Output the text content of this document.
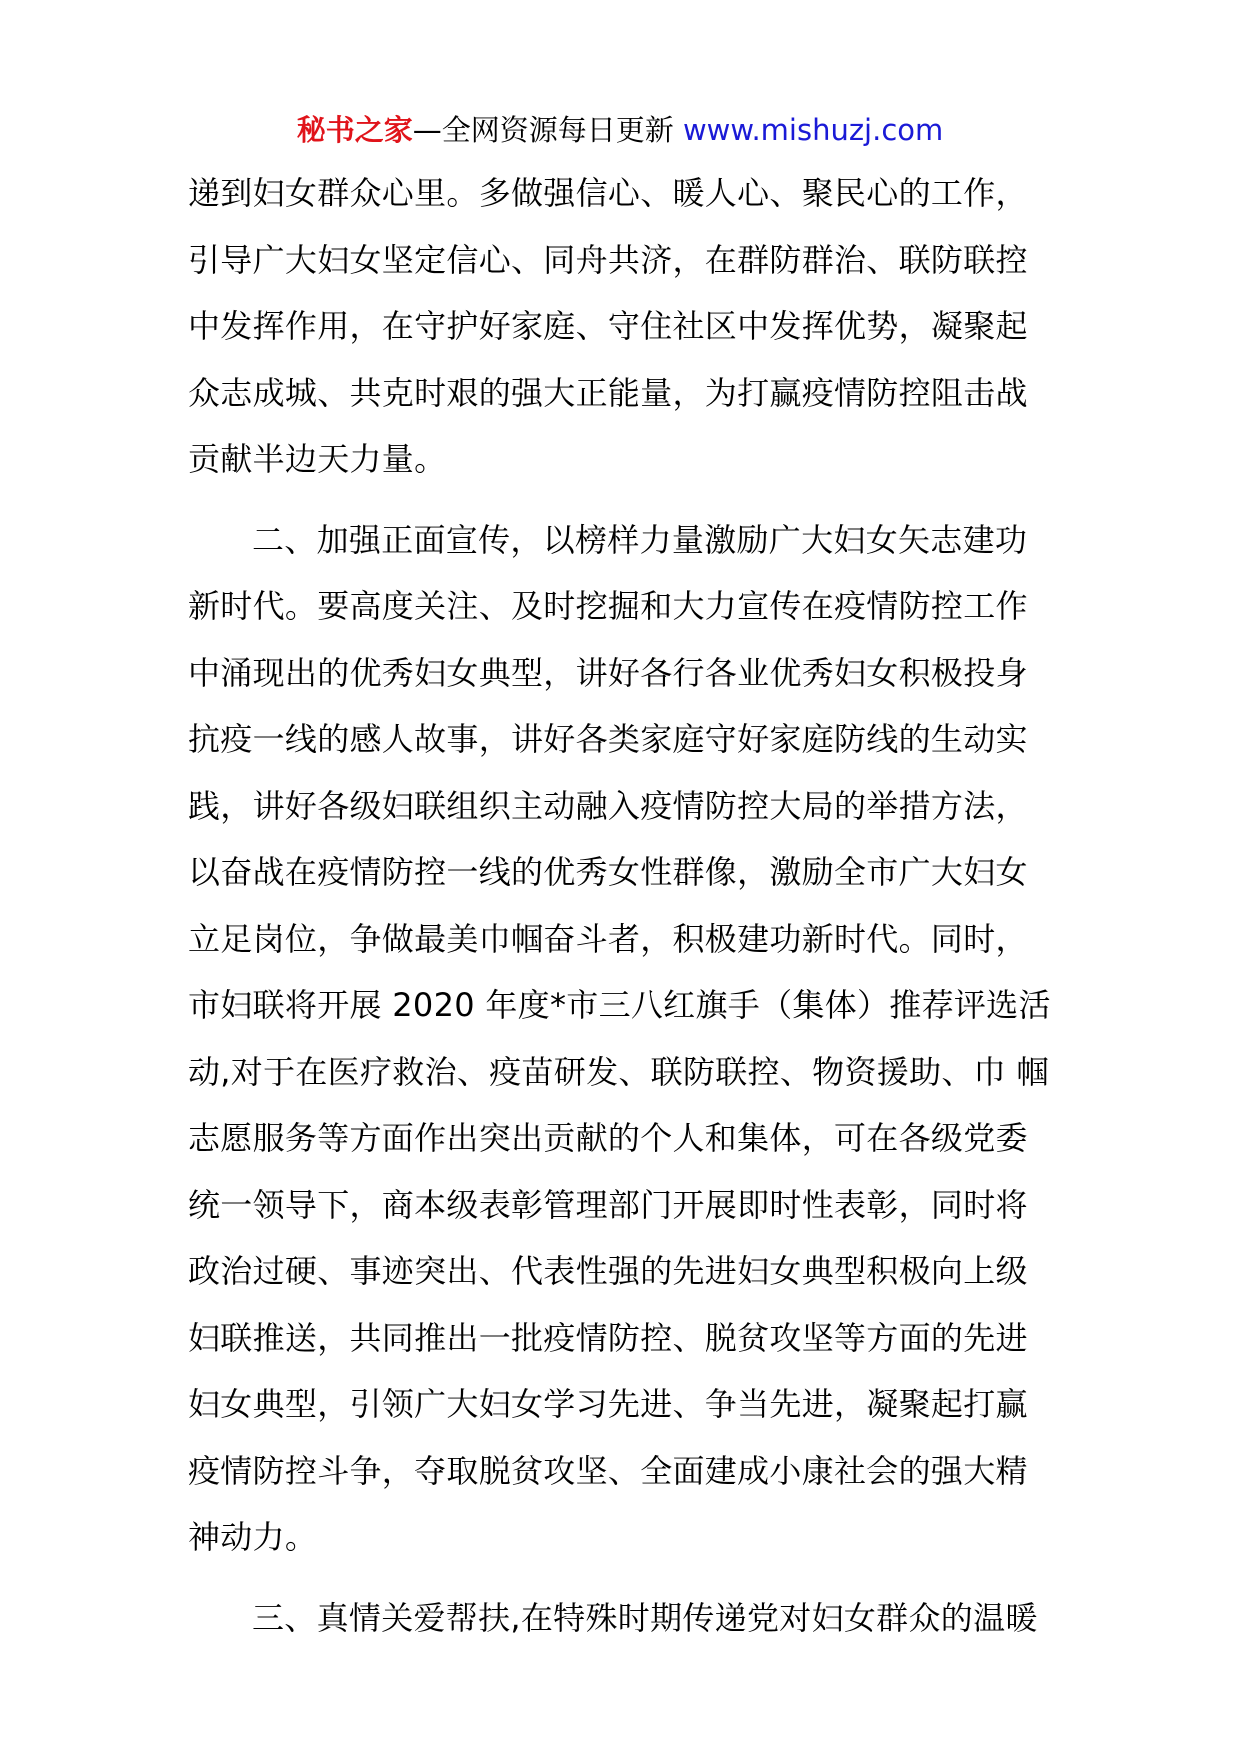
秘书之家—全网资源每日更新 www.mishuzj.com
递到妇女群众心里。多做强信心、暖人心、聚民心的工作，
引导广大妇女坚定信心、同舟共济，在群防群治、联防联控
中发挥作用，在守护好家庭、守住社区中发挥优势，凝聚起
众志成城、共克时艰的强大正能量，为打赢疫情防控阻击战
贡献半边天力量。
二、加强正面宣传，以榜样力量激励广大妇女矢志建功
新时代。要高度关注、及时挖掘和大力宣传在疫情防控工作
中涌现出的优秀妇女典型，讲好各行各业优秀妇女积极投身
抗疫一线的感人故事，讲好各类家庭守好家庭防线的生动实
践，讲好各级妇联组织主动融入疫情防控大局的举措方法，
以奋战在疫情防控一线的优秀女性群像，激励全市广大妇女
立足岗位，争做最美巾帼奋斗者，积极建功新时代。同时，
市妇联将开展 2020 年度*市三八红旗手（集体）推荐评选活
动,对于在医疗救治、疫苗研发、联防联控、物资援助、巾 帼
志愿服务等方面作出突出贡献的个人和集体，可在各级党委
统一领导下，商本级表彰管理部门开展即时性表彰，同时将
政治过硬、事迹突出、代表性强的先进妇女典型积极向上级
妇联推送，共同推出一批疫情防控、脱贫攻坚等方面的先进
妇女典型，引领广大妇女学习先进、争当先进，凝聚起打赢
疫情防控斗争，夺取脱贫攻坚、全面建成小康社会的强大精
神动力。
三、真情关爱帮扶,在特殊时期传递党对妇女群众的温暖
